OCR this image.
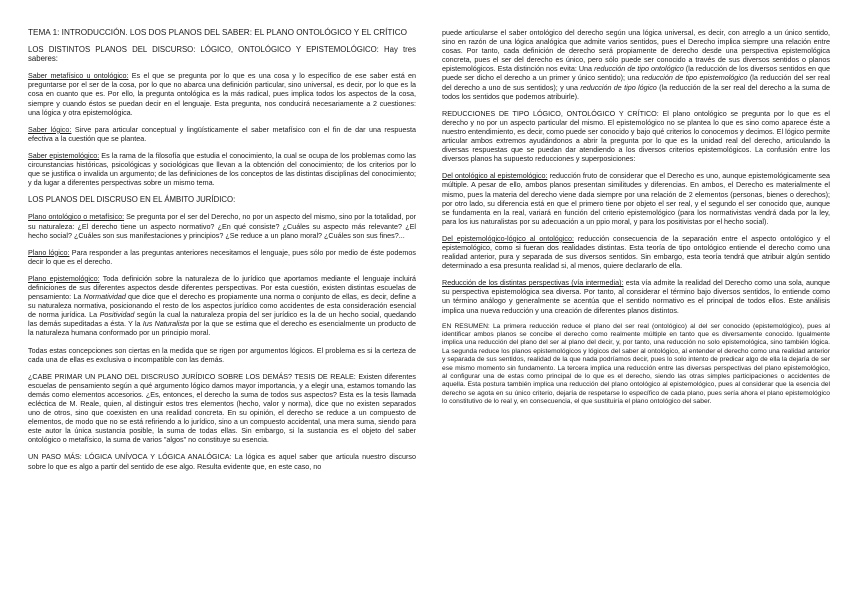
TEMA 1: INTRODUCCIÓN. LOS DOS PLANOS DEL SABER: EL PLANO ONTOLÓGICO Y EL CRÍTICO

LOS DISTINTOS PLANOS DEL DISCURSO: LÓGICO, ONTOLÓGICO Y EPISTEMOLÓGICO: Hay tres saberes:

Saber metafísico u ontológico: Es el que se pregunta por lo que es una cosa y lo específico de ese saber está en preguntarse por el ser de la cosa, por lo que no abarca una definición particular, sino universal, es decir, por lo que es la cosa en cuanto que es. Por ello, la pregunta ontológica es la más radical, pues implica todos los aspectos de la cosa, siempre y cuando éstos se puedan decir en el lenguaje. Esta pregunta, nos conducirá necesariamente a 2 cuestiones: una lógica y otra epistemológica.

Saber lógico: Sirve para articular conceptual y lingüísticamente el saber metafísico con el fin de dar una respuesta efectiva a la cuestión que se plantea.

Saber epistemológico: Es la rama de la filosofía que estudia el conocimiento, la cual se ocupa de los problemas como las circunstancias históricas, psicológicas y sociológicas que llevan a la obtención del conocimiento; de los criterios por lo que se justifica o invalida un argumento; de las definiciones de los conceptos de las distintas disciplinas del conocimiento; y da lugar a diferentes perspectivas sobre un mismo tema.

LOS PLANOS DEL DISCRUSO EN EL ÁMBITO JURÍDICO:

Plano ontológico o metafísico: Se pregunta por el ser del Derecho, no por un aspecto del mismo, sino por la totalidad, por su naturaleza: ¿El derecho tiene un aspecto normativo? ¿En qué consiste? ¿Cuáles su aspecto más relevante? ¿El hecho social? ¿Cuáles son sus manifestaciones y principios? ¿Se reduce a un plano moral? ¿Cuáles son sus fines?...

Plano lógico: Para responder a las preguntas anteriores necesitamos el lenguaje, pues sólo por medio de éste podemos decir lo que es el derecho.

Plano epistemológico: Toda definición sobre la naturaleza de lo jurídico que aportamos mediante el lenguaje incluirá definiciones de sus diferentes aspectos desde diferentes perspectivas. Por esta cuestión, existen distintas escuelas de pensamiento: La Normatividad que dice que el derecho es propiamente una norma o conjunto de ellas, es decir, define a su naturaleza normativa, posicionando el resto de los aspectos jurídico como accidentes de esta consideración esencial de norma jurídica. La Positividad según la cual la naturaleza propia del ser jurídico es la de un hecho social, quedando las demás supeditadas a ésta. Y la Ius Naturalista por la que se estima que el derecho es esencialmente un producto de la naturaleza humana conformado por un principio moral.

Todas estas concepciones son ciertas en la medida que se rigen por argumentos lógicos. El problema es si la certeza de cada una de ellas es exclusiva o incompatible con las demás.

¿CABE PRIMAR UN PLANO DEL DISCRUSO JURÍDICO SOBRE LOS DEMÁS? TESIS DE REALE: Existen diferentes escuelas de pensamiento según a qué argumento lógico damos mayor importancia, y a elegir una, estamos tomando las demás como elementos accesorios. ¿Es, entonces, el derecho la suma de todos sus aspectos? Esta es la tesis llamada ecléctica de M. Reale, quien, al distinguir estos tres elementos (hecho, valor y norma), dice que no existen separados uno de otros, sino que coexisten en una realidad concreta. En su opinión, el derecho se reduce a un compuesto de elementos, de modo que no se está refiriendo a lo jurídico, sino a un compuesto accidental, una mera suma, siendo para este autor la única sustancia posible, la suma de todas ellas. Sin embargo, si la sustancia es el objeto del saber ontológico o metafísico, la suma de varios "algos" no constituye su esencia.

UN PASO MÁS: LÓGICA UNÍVOCA Y LÓGICA ANALÓGICA: La lógica es aquel saber que articula nuestro discurso sobre lo que es algo a partir del sentido de ese algo. Resulta evidente que, en este caso, no

puede articularse el saber ontológico del derecho según una lógica universal, es decir, con arreglo a un único sentido, sino en razón de una lógica analógica que admite varios sentidos, pues el Derecho implica siempre una relación entre cosas. Por tanto, cada definición de derecho será propiamente de derecho desde una perspectiva epistemológica concreta, pues el ser del derecho es único, pero sólo puede ser conocido a través de sus diversos sentidos o planos epistemológicos. Esta distinción nos evita: Una reducción de tipo ontológico (la reducción de los diversos sentidos en que puede ser dicho el derecho a un primer y único sentido); una reducción de tipo epistemológico (la reducción del ser real del derecho a uno de sus sentidos); y una reducción de tipo lógico (la reducción de la ser real del derecho a la suma de todos los sentidos que podemos atribuirle).

REDUCCIONES DE TIPO LÓGICO, ONTOLÓGICO Y CRÍTICO: El plano ontológico se pregunta por lo que es el derecho y no por un aspecto particular del mismo. El epistemológico no se plantea lo que es sino como aparece éste a nuestro entendimiento, es decir, como puede ser conocido y bajo qué criterios lo conocemos y decimos. El lógico permite articular ambos extremos ayudándonos a abrir la pregunta por lo que es la unidad real del derecho, articulando la diversas respuestas que se puedan dar atendiendo a los diversos criterios epistemológicos. La confusión entre los diversos planos ha supuesto reducciones y superposiciones:

Del ontológico al epistemológico: reducción fruto de considerar que el Derecho es uno, aunque epistemológicamente sea múltiple. A pesar de ello, ambos planos presentan similitudes y diferencias. En ambos, el Derecho es materialmente el mismo, pues la materia del derecho viene dada siempre por una relación de 2 elementos (personas, bienes o derechos); por otro lado, su diferencia está en que el primero tiene por objeto el ser real, y el segundo el ser conocido que, aunque se fundamenta en la real, variará en función del criterio epistemológico (para los normativistas vendrá dada por la ley, para los ius naturalistas por su adecuación a un ppio moral, y para los positivistas por el hecho social).

Del epistemológico-lógico al ontológico: reducción consecuencia de la separación entre el aspecto ontológico y el epistemológico, como si fueran dos realidades distintas. Esta teoría de tipo ontológico entiende el derecho como una realidad anterior, pura y separada de sus diversos sentidos. Sin embargo, esta teoría tendrá que atribuir algún sentido determinado a esa presunta realidad si, al menos, quiere declararlo de ella.

Reducción de los distintas perspectivas (vía intermedia): esta vía admite la realidad del Derecho como una sola, aunque su perspectiva epistemológica sea diversa. Por tanto, al considerar el término bajo diversos sentidos, lo entiende como un término análogo y generalmente se acentúa que el sentido normativo es el principal de todos ellos. Este análisis implica una nueva reducción y una creación de diferentes planos distintos.

EN RESUMEN: La primera reducción reduce el plano del ser real (ontológico) al del ser conocido (epistemológico), pues al identificar ambos planos se concibe el derecho como realmente múltiple en tanto que es diversamente conocido. Igualmente implica una reducción del plano del ser al plano del decir, y, por tanto, una reducción no solo epistemológica, sino también lógica. La segunda reduce los planos epistemológicos y lógicos del saber al ontológico, al entender el derecho como una realidad anterior y separada de sus sentidos, realidad de la que nada podríamos decir, pues lo solo intento de predicar algo de ella la dejaría de ser ese mismo momento sin fundamento. La tercera implica una reducción entre las diversas perspectivas del plano epistemológico, al configurar una de estas como principal de lo que es el derecho, siendo las otras simples participaciones o accidentes de aquella. Esta postura también implica una reducción del plano ontológico al epistemológico, pues al considerar que la esencia del derecho se agota en su único criterio, dejaría de respetarse lo específico de cada plano, pues sería ahora el plano epistemológico lo constitutivo de lo real y, en consecuencia, el que sustituiría el plano ontológico del saber.
